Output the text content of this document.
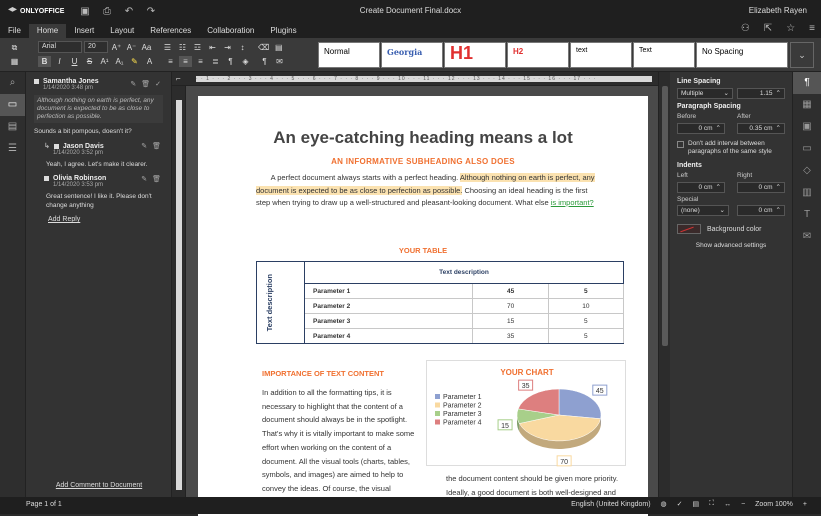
ONLYOFFICE	▣	⎙	↶	↷	Create Document Final.docx	Elizabeth Rayen
File	Home	Insert	Layout	References	Collaboration	Plugins	⚇ ⇱ ☆ ≡
⧉	Arial	20	A⁺ A⁻ Aa	☰ ☷ ☲	⇤	⇥	↕	⌫ ▤
▦	B	I	U	S	A¹ A₁ ✎	A	≡	≡	≡	≣	¶	◈	¶	✉
Normal	Georgia	H1	H2	text	Text	No Spacing	⌄
⌕
▭
▤
☰
Samantha Jones	✎ 🗑 ✓
1/14/2020 3:48 pm
Although nothing on earth is perfect, any document is expected to be as close to perfection as possible.
Sounds a bit pompous, doesn't it?
↳ Jason Davis	✎ 🗑
1/14/2020 3:52 pm
Yeah, I agree. Let's make it clearer.
Olivia Robinson	✎ 🗑
1/14/2020 3:53 pm
Great sentence! I like it. Please don't change anything
Add Reply
Add Comment to Document
⌐	· · 1 · · · 2 · · · 3 · · · 4 · · · 5 · · · 6 · · · 7 · · · 8 · · · 9 · · · 10 · · · 11 · · · 12 · · · 13 · · · 14 · · · 15 · · · 16 · · · 17 · · ·
An eye-catching heading means a lot
AN INFORMATIVE SUBHEADING ALSO DOES
A perfect document always starts with a perfect heading. Although nothing on earth is perfect, any document is expected to be as close to perfection as possible. Choosing an ideal heading is the first step when trying to draw up a well-structured and pleasant-looking document. What else is important?
YOUR TABLE
Text description	Text description		
	Parameter 1	45	5
	Parameter 2	70	10
	Parameter 3	15	5
	Parameter 4	35	5
IMPORTANCE OF TEXT CONTENT
In addition to all the formatting tips, it is necessary to highlight that the content of a document should always be in the spotlight. That's why it is vitally important to make some effort when working on the content of a document. All the visual tools (charts, tables, symbols, and images) are aimed to help to convey the ideas. Of course, the visual
the document content should be given more priority. Ideally, a good document is both well-designed and
YOUR CHART
Parameter 1
Parameter 2
Parameter 3
Parameter 4
45
70
15
35
Line Spacing
Multiple	⌄	1.15 ⌃
Paragraph Spacing
Before	After
0 cm ⌃	0.35 cm ⌃
Don't add interval between paragraphs of the same style
Indents
Left	Right
0 cm ⌃	0 cm ⌃
Special
(none)	⌄	0 cm ⌃
Background color
Show advanced settings
¶
▦
▣
▭
◇
▥
T
✉
Page 1 of 1	English (United Kingdom) ◍ ✓ ▤ ⛶ ↔ − Zoom 100% +
